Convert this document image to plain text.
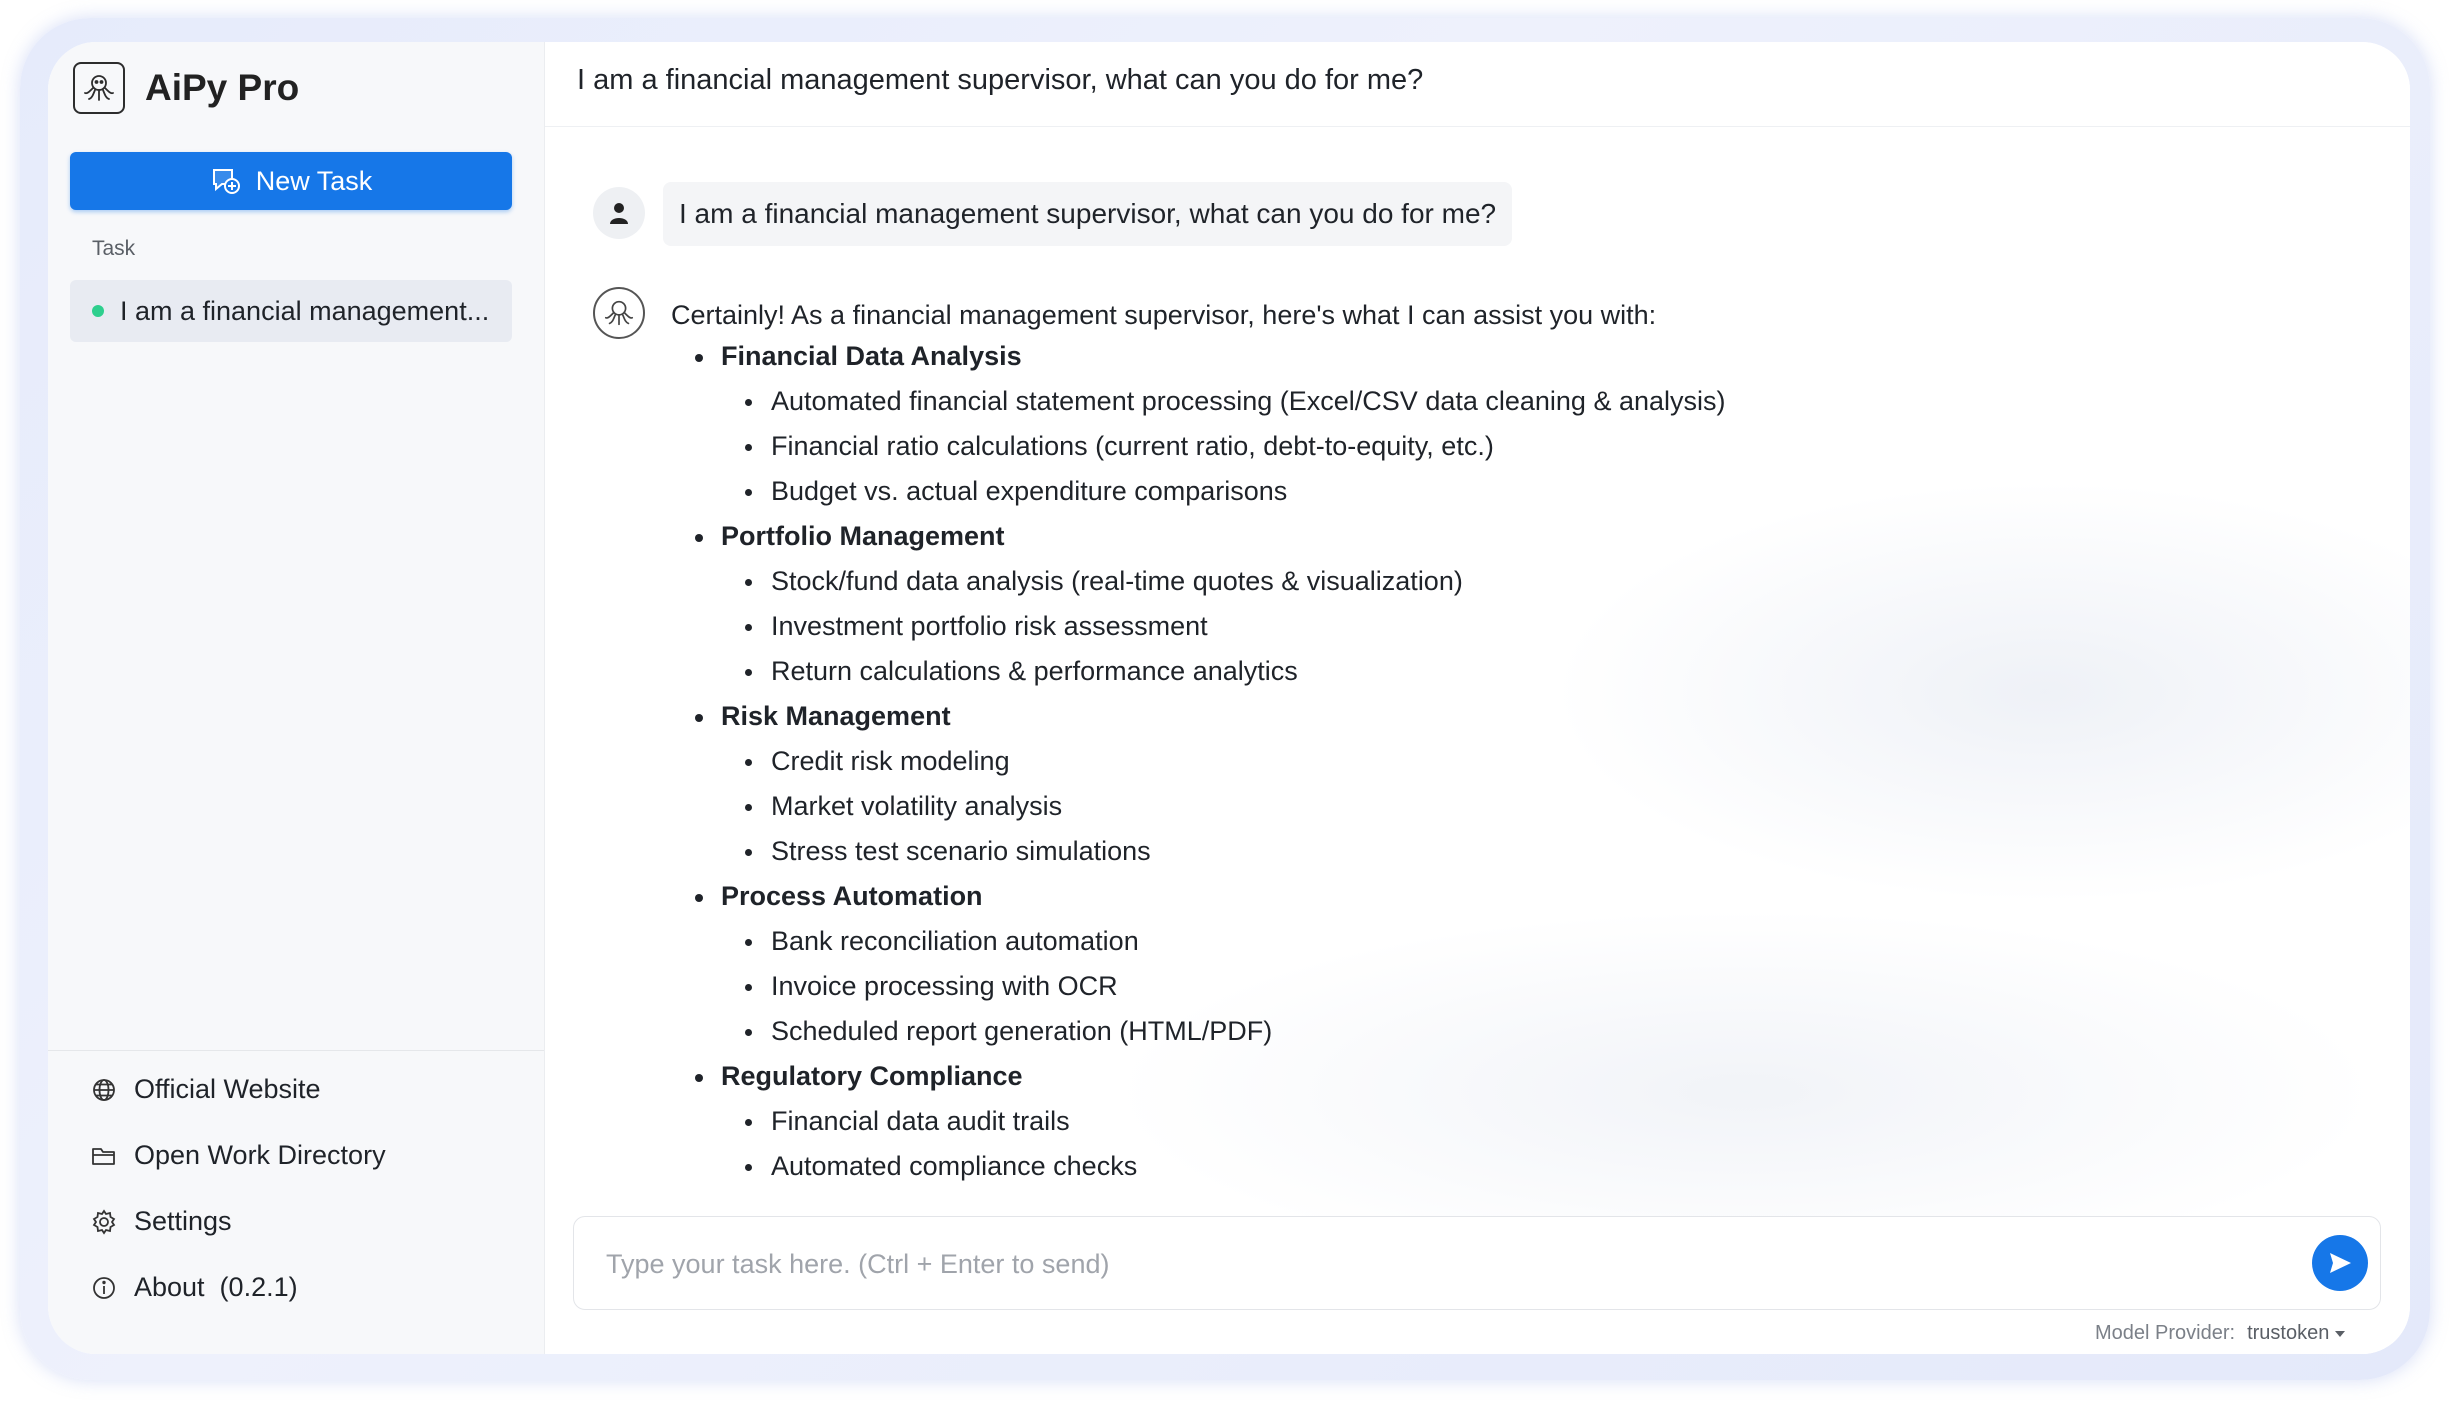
AiPy Pro
New Task
Task
I am a financial management...
Official Website
Open Work Directory
Settings
About  (0.2.1)
I am a financial management supervisor, what can you do for me?
I am a financial management supervisor, what can you do for me?
Certainly! As a financial management supervisor, here's what I can assist you with:
Financial Data Analysis
Automated financial statement processing (Excel/CSV data cleaning & analysis)
Financial ratio calculations (current ratio, debt-to-equity, etc.)
Budget vs. actual expenditure comparisons
Portfolio Management
Stock/fund data analysis (real-time quotes & visualization)
Investment portfolio risk assessment
Return calculations & performance analytics
Risk Management
Credit risk modeling
Market volatility analysis
Stress test scenario simulations
Process Automation
Bank reconciliation automation
Invoice processing with OCR
Scheduled report generation (HTML/PDF)
Regulatory Compliance
Financial data audit trails
Automated compliance checks
Type your task here. (Ctrl + Enter to send)
Model Provider: trustoken
